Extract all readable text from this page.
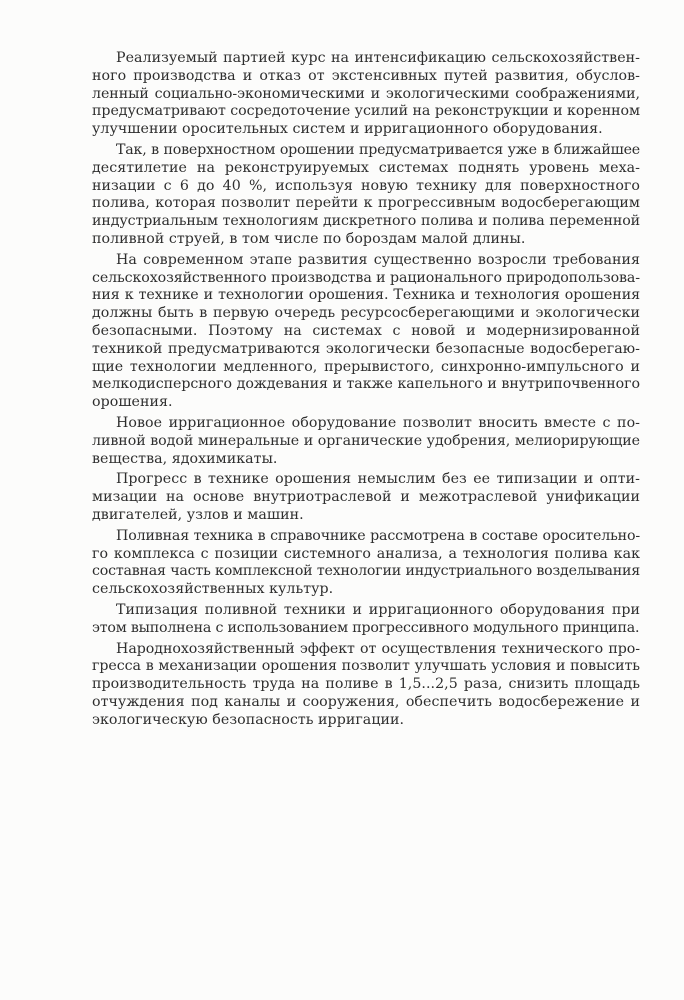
Реализуемый партией курс на интенсификацию сельскохозяйствен-
ного производства и отказ от экстенсивных путей развития, обуслов-
ленный социально-экономическими и экологическими соображениями,
предусматривают сосредоточение усилий на реконструкции и коренном
улучшении оросительных систем и ирригационного оборудования.
Так, в поверхностном орошении предусматривается уже в ближайшее
десятилетие на реконструируемых системах поднять уровень меха-
низации с 6 до 40 %, используя новую технику для поверхностного
полива, которая позволит перейти к прогрессивным водосберегающим
индустриальным технологиям дискретного полива и полива переменной
поливной струей, в том числе по бороздам малой длины.
На современном этапе развития существенно возросли требования
сельскохозяйственного производства и рационального природопользова-
ния к технике и технологии орошения. Техника и технология орошения
должны быть в первую очередь ресурсосберегающими и экологически
безопасными. Поэтому на системах с новой и модернизированной
техникой предусматриваются экологически безопасные водосберегаю-
щие технологии медленного, прерывистого, синхронно-импульсного и
мелкодисперсного дождевания и также капельного и внутрипочвенного
орошения.
Новое ирригационное оборудование позволит вносить вместе с по-
ливной водой минеральные и органические удобрения, мелиорирующие
вещества, ядохимикаты.
Прогресс в технике орошения немыслим без ее типизации и опти-
мизации на основе внутриотраслевой и межотраслевой унификации
двигателей, узлов и машин.
Поливная техника в справочнике рассмотрена в составе оросительно-
го комплекса с позиции системного анализа, а технология полива как
составная часть комплексной технологии индустриального возделывания
сельскохозяйственных культур.
Типизация поливной техники и ирригационного оборудования при
этом выполнена с использованием прогрессивного модульного принципа.
Народнохозяйственный эффект от осуществления технического про-
гресса в механизации орошения позволит улучшать условия и повысить
производительность труда на поливе в 1,5...2,5 раза, снизить площадь
отчуждения под каналы и сооружения, обеспечить водосбережение и
экологическую безопасность ирригации.
